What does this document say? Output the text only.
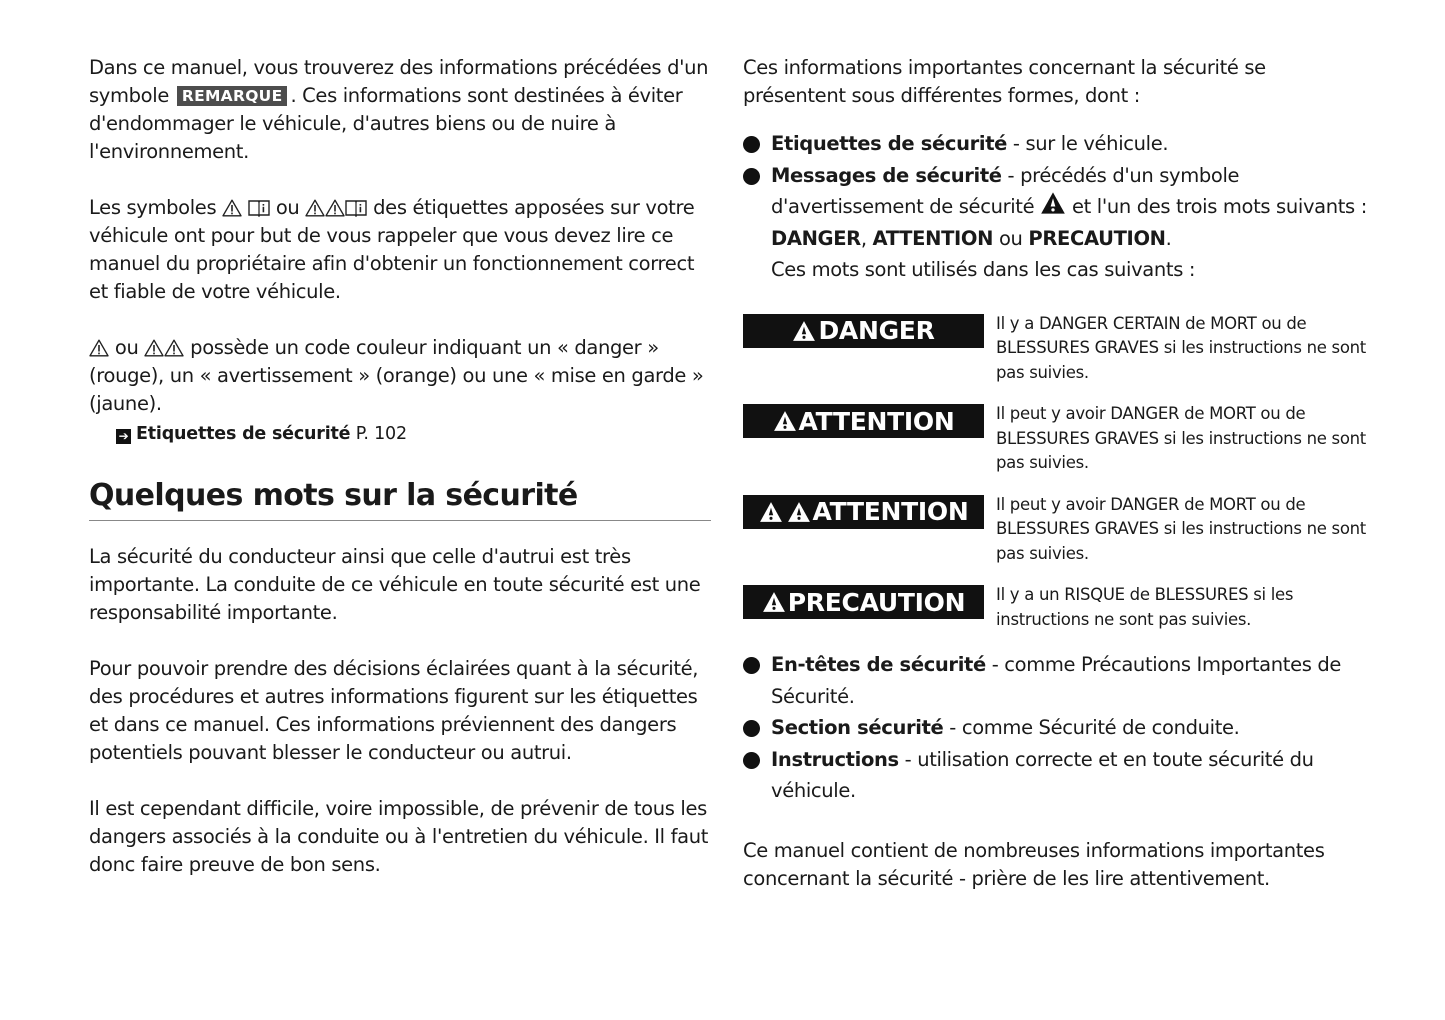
Dans ce manuel, vous trouverez des informations précédées d'un symbole REMARQUE . Ces informations sont destinées à éviter d'endommager le véhicule, d'autres biens ou de nuire à l'environnement.

Les symboles	ou	des étiquettes apposées sur votre véhicule ont pour but de vous rappeler que vous devez lire ce manuel du propriétaire afin d'obtenir un fonctionnement correct et fiable de votre véhicule.

ou	possède un code couleur indiquant un « danger » (rouge), un « avertissement » (orange) ou une « mise en garde » (jaune).

➔ Etiquettes de sécurité P. 102
Quelques mots sur la sécurité

La sécurité du conducteur ainsi que celle d'autrui est très importante. La conduite de ce véhicule en toute sécurité est une responsabilité importante.

Pour pouvoir prendre des décisions éclairées quant à la sécurité, des procédures et autres informations figurent sur les étiquettes et dans ce manuel. Ces informations préviennent des dangers potentiels pouvant blesser le conducteur ou autrui.

Il est cependant difficile, voire impossible, de prévenir de tous les dangers associés à la conduite ou à l'entretien du véhicule. Il faut donc faire preuve de bon sens.

Ces informations importantes concernant la sécurité se présentent sous différentes formes, dont :

Etiquettes de sécurité - sur le véhicule.
Messages de sécurité - précédés d'un symbole d'avertissement de sécurité  et l'un des trois mots suivants : DANGER, ATTENTION ou PRECAUTION.
Ces mots sont utilisés dans les cas suivants :
DANGER	Il y a DANGER CERTAIN de MORT ou de BLESSURES GRAVES si les instructions ne sont pas suivies.
ATTENTION	Il peut y avoir DANGER de MORT ou de BLESSURES GRAVES si les instructions ne sont pas suivies.
ATTENTION Il peut y avoir DANGER de MORT ou de BLESSURES GRAVES si les instructions ne sont pas suivies.
PRECAUTION Il y a un RISQUE de BLESSURES si les instructions ne sont pas suivies.
En-têtes de sécurité - comme Précautions Importantes de Sécurité.
Section sécurité - comme Sécurité de conduite.
Instructions - utilisation correcte et en toute sécurité du véhicule.

Ce manuel contient de nombreuses informations importantes concernant la sécurité - prière de les lire attentivement.
